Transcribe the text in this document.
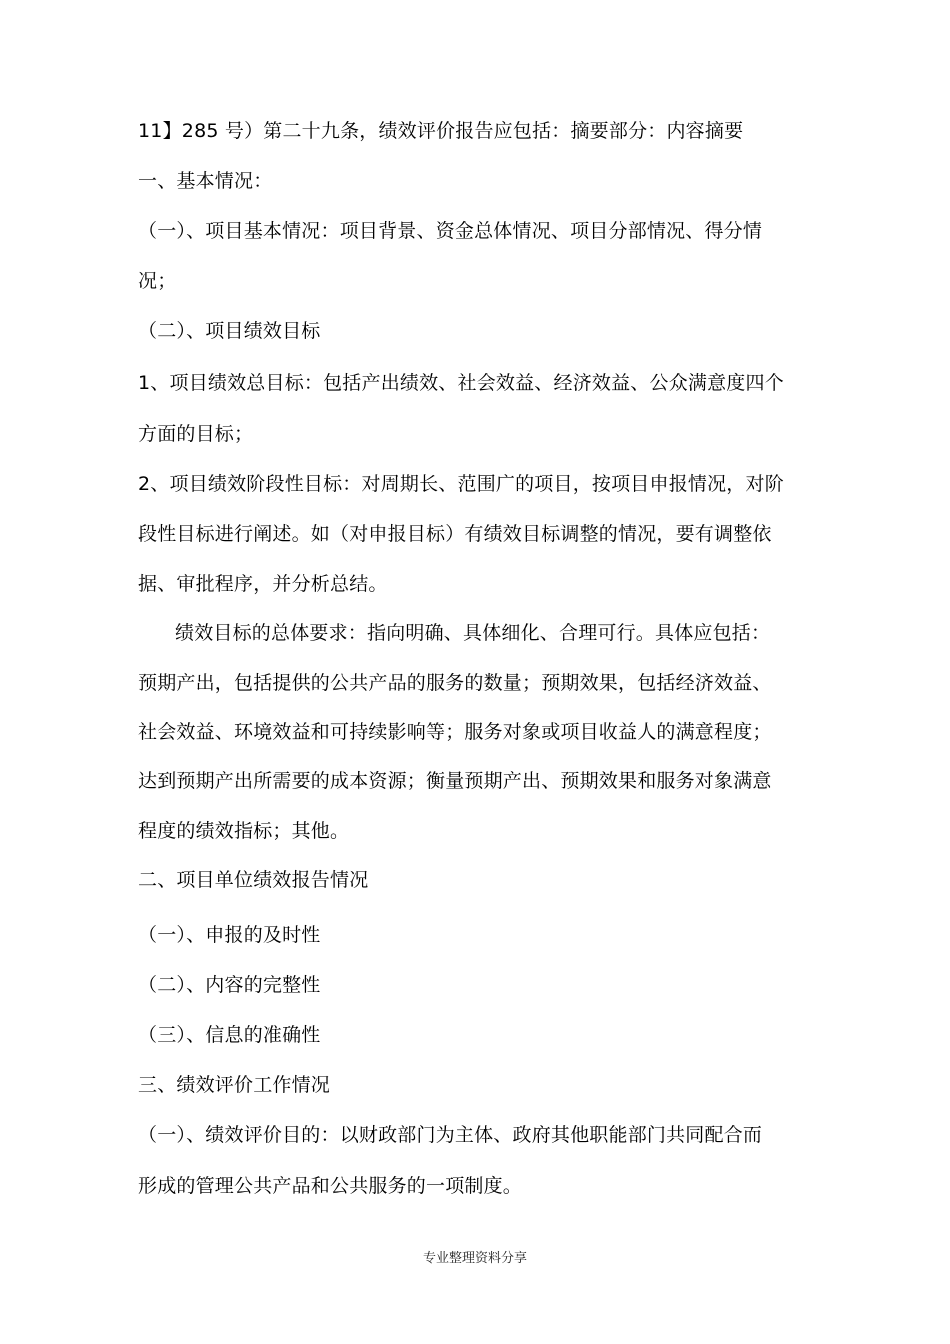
11】285 号）第二十九条，绩效评价报告应包括：摘要部分：内容摘要
一、基本情况：
（一）、项目基本情况：项目背景、资金总体情况、项目分部情况、得分情
况；
（二）、项目绩效目标
1、项目绩效总目标：包括产出绩效、社会效益、经济效益、公众满意度四个
方面的目标；
2、项目绩效阶段性目标：对周期长、范围广的项目，按项目申报情况，对阶
段性目标进行阐述。如（对申报目标）有绩效目标调整的情况，要有调整依
据、审批程序，并分析总结。
绩效目标的总体要求：指向明确、具体细化、合理可行。具体应包括：
预期产出，包括提供的公共产品的服务的数量；预期效果，包括经济效益、
社会效益、环境效益和可持续影响等；服务对象或项目收益人的满意程度；
达到预期产出所需要的成本资源；衡量预期产出、预期效果和服务对象满意
程度的绩效指标；其他。
二、项目单位绩效报告情况
（一）、申报的及时性
（二）、内容的完整性
（三）、信息的准确性
三、绩效评价工作情况
（一）、绩效评价目的：以财政部门为主体、政府其他职能部门共同配合而
形成的管理公共产品和公共服务的一项制度。
专业整理资料分享
